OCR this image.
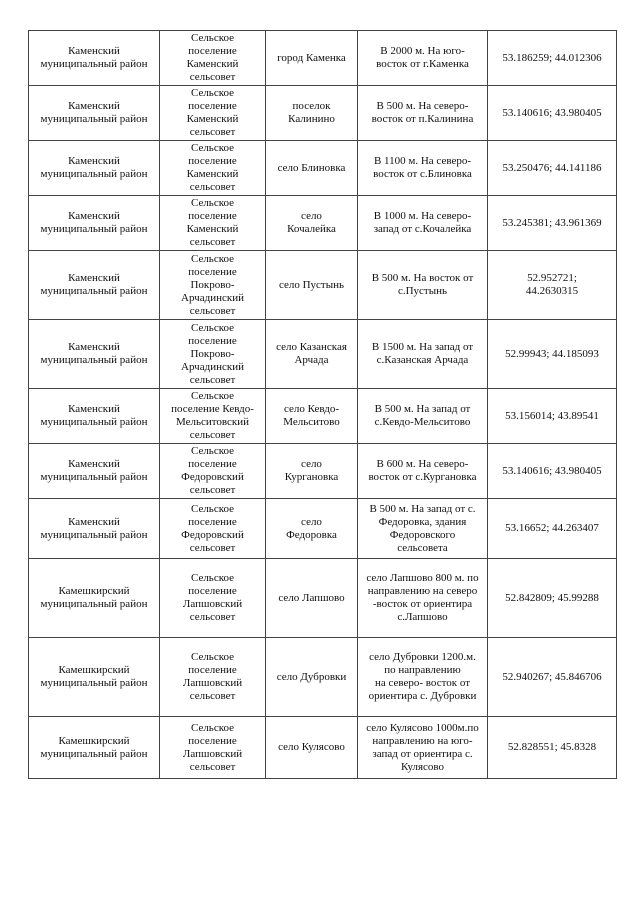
Каменский
муниципальный район	Сельское
поселение
Каменский
сельсовет	город Каменка	В 2000 м. На юго-
восток от г.Каменка	53.186259; 44.012306

Каменский
муниципальный район	Сельское
поселение
Каменский
сельсовет	поселок
Калинино	В 500 м. На северо-
восток от п.Калинина	53.140616; 43.980405

Каменский
муниципальный район	Сельское
поселение
Каменский
сельсовет	село Блиновка	В 1100 м. На северо-
восток от с.Блиновка	53.250476; 44.141186

Каменский
муниципальный район	Сельское
поселение
Каменский
сельсовет	село
Кочалейка	В 1000 м. На северо-
запад от с.Кочалейка	53.245381; 43.961369

Каменский
муниципальный район	Сельское
поселение
Покрово-
Арчадинский
сельсовет	село Пустынь	В 500 м. На восток от
с.Пустынь	52.952721;
44.2630315

Каменский
муниципальный район	Сельское
поселение
Покрово-
Арчадинский
сельсовет	село Казанская
Арчада	В 1500 м. На запад от
с.Казанская Арчада	52.99943; 44.185093

Каменский
муниципальный район	Сельское
поселение Кевдо-
Мельситовский
сельсовет	село Кевдо-
Мельситово	В 500 м. На запад от
с.Кевдо-Мельситово	53.156014; 43.89541

Каменский
муниципальный район	Сельское
поселение
Федоровский
сельсовет	село
Кургановка	В 600 м. На северо-
восток от с.Кургановка	53.140616; 43.980405

Каменский
муниципальный район	Сельское
поселение
Федоровский
сельсовет	село
Федоровка	В 500 м. На запад от с.
Федоровка, здания
Федоровского
сельсовета	53.16652; 44.263407

Камешкирский
муниципальный район	Сельское
поселение
Лапшовский
сельсовет	село Лапшово	село Лапшово 800 м. по
направлению на северо
-восток от ориентира
с.Лапшово	52.842809; 45.99288

Камешкирский
муниципальный район	Сельское
поселение
Лапшовский
сельсовет	село Дубровки	село Дубровки 1200.м.
по направлению
на северо- восток от
ориентира с. Дубровки	52.940267; 45.846706

Камешкирский
муниципальный район	Сельское
поселение
Лапшовский
сельсовет	село Кулясово	село Кулясово 1000м.по
направлению на юго-
запад от ориентира с.
Кулясово	52.828551; 45.8328
